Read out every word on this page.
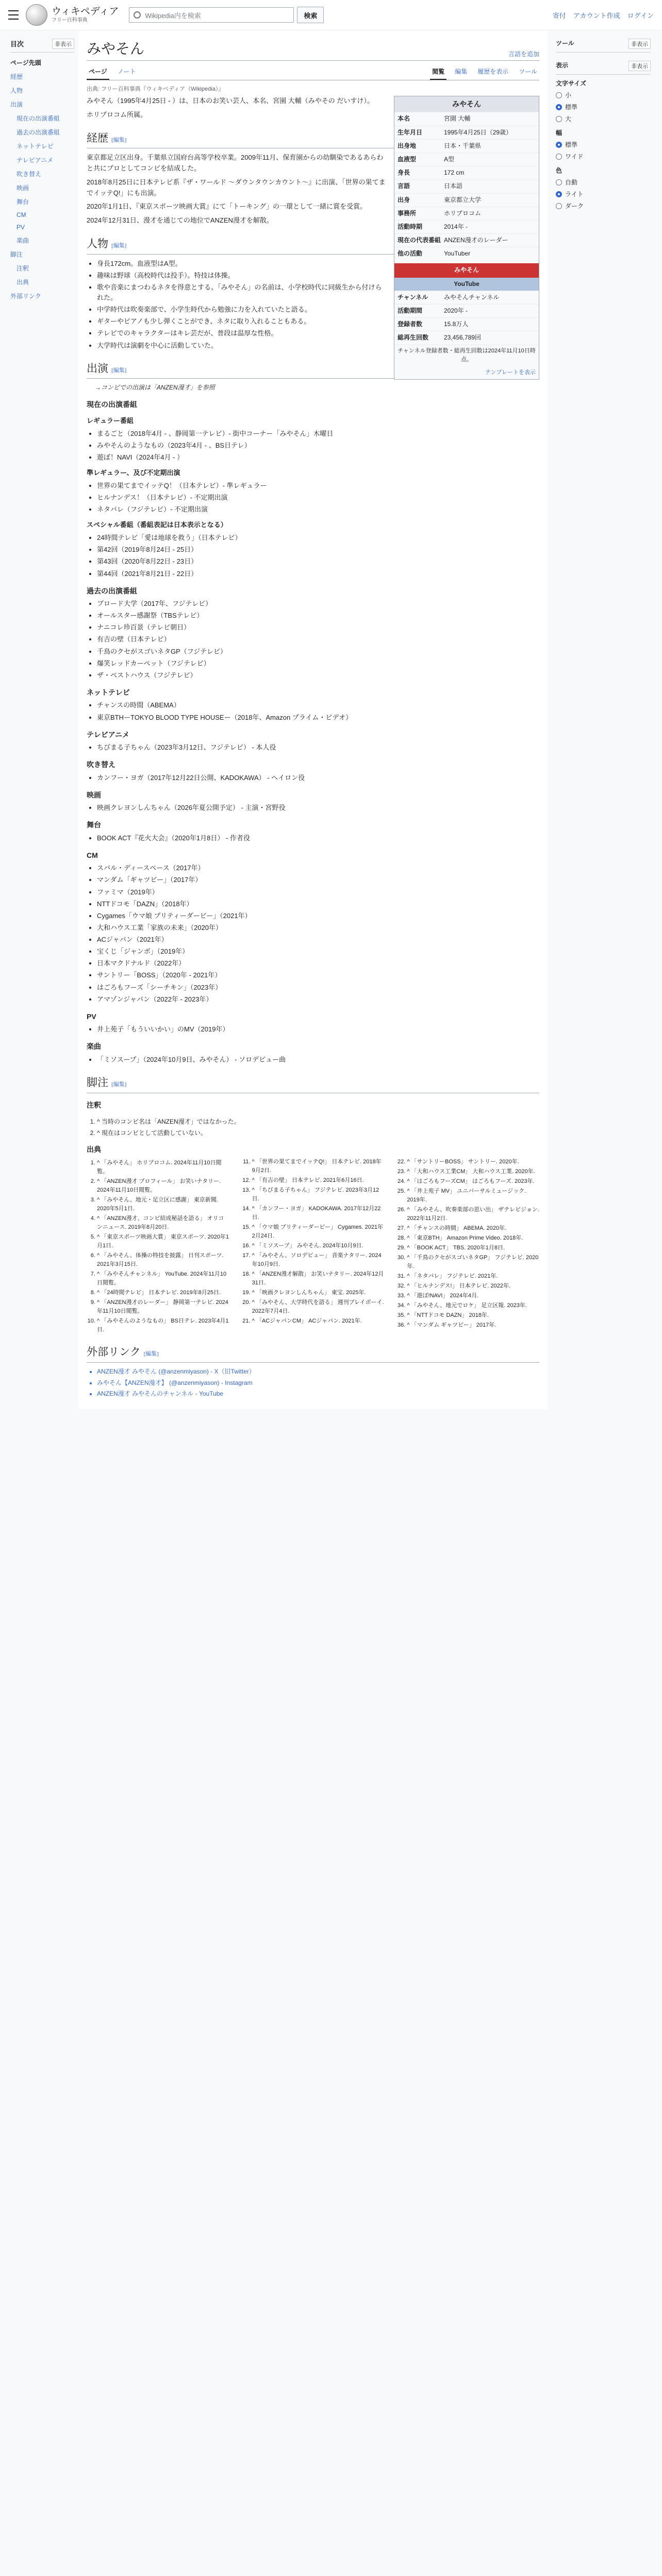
ウィキペディア
フリー百科事典
Wikipedia内を検索	検索	寄付 アカウント作成 ログイン
目次	非表示
ページ先頭
経歴
人物
出演
現在の出演番組
過去の出演番組
ネットテレビ
テレビアニメ
吹き替え
映画
舞台
CM
PV
楽曲
脚注
注釈
出典
外部リンク
みやそん	言語を追加
ページ	ノート	閲覧	編集	履歴を表示	ツール
出典: フリー百科事典『ウィキペディア（Wikipedia）』
みやそん
本名	宮園 大輔
生年月日	1995年4月25日（29歳）
出身地	日本・千葉県
血液型	A型
身長	172 cm
言語	日本語
出身	東京都立大学
事務所	ホリプロコム
活動時期	2014年 -
現在の代表番組 ANZEN漫才のレーダー
他の活動	YouTuber
みやそん
YouTube
チャンネル	みやそんチャンネル
活動期間	2020年 -
登録者数	15.8万人
総再生回数	23,456,789回
チャンネル登録者数・総再生回数は2024年11月10日時点。
テンプレートを表示

みやそん（1995年4月25日 - ）は、日本のお笑い芸人、本名、宮園 大輔（みやその だいすけ）。

ホリプロコム所属。

経歴 [編集]

東京都足立区出身。千葉県立国府台高等学校卒業。2009年11月、保育園からの幼馴染であるあらわと共にプロとしてコンビを結成した。

2018年8月25日に日本テレビ系『ザ・ワールド 〜ダウンタウンカウント〜』に出演、「世界の果てまでイッテQ!」にも出演。

2020年1月1日、『東京スポーツ映画大賞』にて「トーキング」の一環として一緒に賞を受賞。

2024年12月31日、漫才を通じての地位でANZEN漫才を解散。

人物 [編集]
• 身長172cm。血液型はA型。
• 趣味は野球（高校時代は投手）。特技は体操。
• 歌や音楽にまつわるネタを得意とする。「みやそん」の名前は、小学校時代に同級生から付けられた。
• 中学時代は吹奏楽部で、小学生時代から勉強に力を入れていたと語る。
• ギターやピアノも少し弾くことができ、ネタに取り入れることもある。
• テレビでのキャラクターはキレ芸だが、普段は温厚な性格。
• 大学時代は演劇を中心に活動していた。
出演 [編集]
→コンビでの出演は「ANZEN漫才」を参照
現在の出演番組
レギュラー番組
• まるごと（2018年4月 - 、静岡第一テレビ）- 街中コーナー「みやそん」木曜日
• みやそんのようなもの（2023年4月 - 、BS日テレ）
• 遊ぼ！NAVI（2024年4月 - ）
準レギュラー、及び不定期出演
• 世界の果てまでイッテQ！（日本テレビ）- 準レギュラー
• ヒルナンデス！（日本テレビ）- 不定期出演
• ネタパレ（フジテレビ）- 不定期出演
スペシャル番組（番組表記は日本表示となる）
• 24時間テレビ「愛は地球を救う」（日本テレビ）
• 第42回（2019年8月24日 - 25日）
• 第43回（2020年8月22日 - 23日）
• 第44回（2021年8月21日 - 22日）
過去の出演番組
• ブロード大学（2017年、フジテレビ）
• オールスター感謝祭（TBSテレビ）
• ナニコレ珍百景（テレビ朝日）
• 有吉の壁（日本テレビ）
• 千鳥のクセがスゴいネタGP（フジテレビ）
• 爆笑レッドカーペット（フジテレビ）
• ザ・ベストハウス（フジテレビ）
ネットテレビ
• チャンスの時間（ABEMA）
• 東京BTHーTOKYO BLOOD TYPE HOUSEー（2018年、Amazon プライム・ビデオ）
テレビアニメ
• ちびまる子ちゃん（2023年3月12日、フジテレビ） - 本人役
吹き替え
• カンフー・ヨガ（2017年12月22日公開、KADOKAWA） - ヘイロン役
映画
• 映画クレヨンしんちゃん（2026年夏公開予定） - 主演・宮野役
舞台
• BOOK ACT『花火大会』（2020年1月8日） - 作者役
CM
• スバル・ディースペース（2017年）
• マンダム「ギャツビー」（2017年）
• ファミマ（2019年）
• NTTドコモ「DAZN」（2018年）
• Cygames「ウマ娘 プリティーダービー」（2021年）
• 大和ハウス工業「家族の未来」（2020年）
• ACジャパン（2021年）
• 宝くじ「ジャンボ」（2019年）
• 日本マクドナルド（2022年）
• サントリー「BOSS」（2020年 - 2021年）
• はごろもフーズ「シーチキン」（2023年）
• アマゾンジャパン（2022年 - 2023年）
PV
• 井上苑子「もういいかい」のMV（2019年）
楽曲
• 「ミソスープ」（2024年10月9日、みやそん） - ソロデビュー曲
脚注 [編集]
注釈
1. ^ 当時のコンビ名は「ANZEN漫才」ではなかった。
2. ^ 現在はコンビとして活動していない。
出典
1. ^ 「みやそん」 ホリプロコム. 2024年11月10日閲覧。
2. ^ 「ANZEN漫才 プロフィール」 お笑いナタリー. 2024年11月10日閲覧。
3. ^ 「みやそん、地元・足立区に感謝」 東京新聞. 2020年5月1日.
4. ^ 「ANZEN漫才、コンビ結成秘話を語る」 オリコンニュース. 2019年8月20日.
5. ^ 「東京スポーツ映画大賞」 東京スポーツ. 2020年1月1日.
6. ^ 「みやそん、体操の特技を披露」 日刊スポーツ. 2021年3月15日.
7. ^ 「みやそんチャンネル」 YouTube. 2024年11月10日閲覧。
8. ^ 「24時間テレビ」 日本テレビ. 2019年8月25日.
9. ^ 「ANZEN漫才のレーダー」 静岡第一テレビ. 2024年11月10日閲覧。
10. ^ 「みやそんのようなもの」 BS日テレ. 2023年4月1日.
11. ^ 「世界の果てまでイッテQ!」 日本テレビ. 2018年9月2日.
12. ^ 「有吉の壁」 日本テレビ. 2021年6月16日.
13. ^ 「ちびまる子ちゃん」 フジテレビ. 2023年3月12日.
14. ^ 「カンフー・ヨガ」 KADOKAWA. 2017年12月22日.
15. ^ 「ウマ娘 プリティーダービー」 Cygames. 2021年2月24日.
16. ^ 「ミソスープ」 みやそん. 2024年10月9日.
17. ^ 「みやそん、ソロデビュー」 音楽ナタリー. 2024年10月9日.
18. ^ 「ANZEN漫才解散」 お笑いナタリー. 2024年12月31日.
19. ^ 「映画クレヨンしんちゃん」 東宝. 2025年.
20. ^ 「みやそん、大学時代を語る」 週刊プレイボーイ. 2022年7月4日.
21. ^ 「ACジャパンCM」 ACジャパン. 2021年.
22. ^ 「サントリーBOSS」 サントリー. 2020年.
23. ^ 「大和ハウス工業CM」 大和ハウス工業. 2020年.
24. ^ 「はごろもフーズCM」 はごろもフーズ. 2023年.
25. ^ 「井上苑子 MV」 ユニバーサルミュージック. 2019年.
26. ^ 「みやそん、吹奏楽部の思い出」 ザテレビジョン. 2022年11月2日.
27. ^ 「チャンスの時間」 ABEMA. 2020年.
28. ^ 「東京BTH」 Amazon Prime Video. 2018年.
29. ^ 「BOOK ACT」 TBS. 2020年1月8日.
30. ^ 「千鳥のクセがスゴいネタGP」 フジテレビ. 2020年.
31. ^ 「ネタパレ」 フジテレビ. 2021年.
32. ^ 「ヒルナンデス!」 日本テレビ. 2022年.
33. ^ 「遊ぼ!NAVI」 2024年4月.
34. ^ 「みやそん、地元でロケ」 足立区報. 2023年.
35. ^ 「NTTドコモ DAZN」 2018年.
36. ^ 「マンダム ギャツビー」 2017年.
外部リンク [編集]
• ANZEN漫才 みやそん (@anzenmiyason) - X（旧Twitter）
• みやそん【ANZEN漫才】 (@anzenmiyason) - Instagram
• ANZEN漫才 みやそんのチャンネル - YouTube
ツール	非表示
表示	非表示
文字サイズ
小
標準
大
幅
標準
ワイド
色
自動
ライト
ダーク
